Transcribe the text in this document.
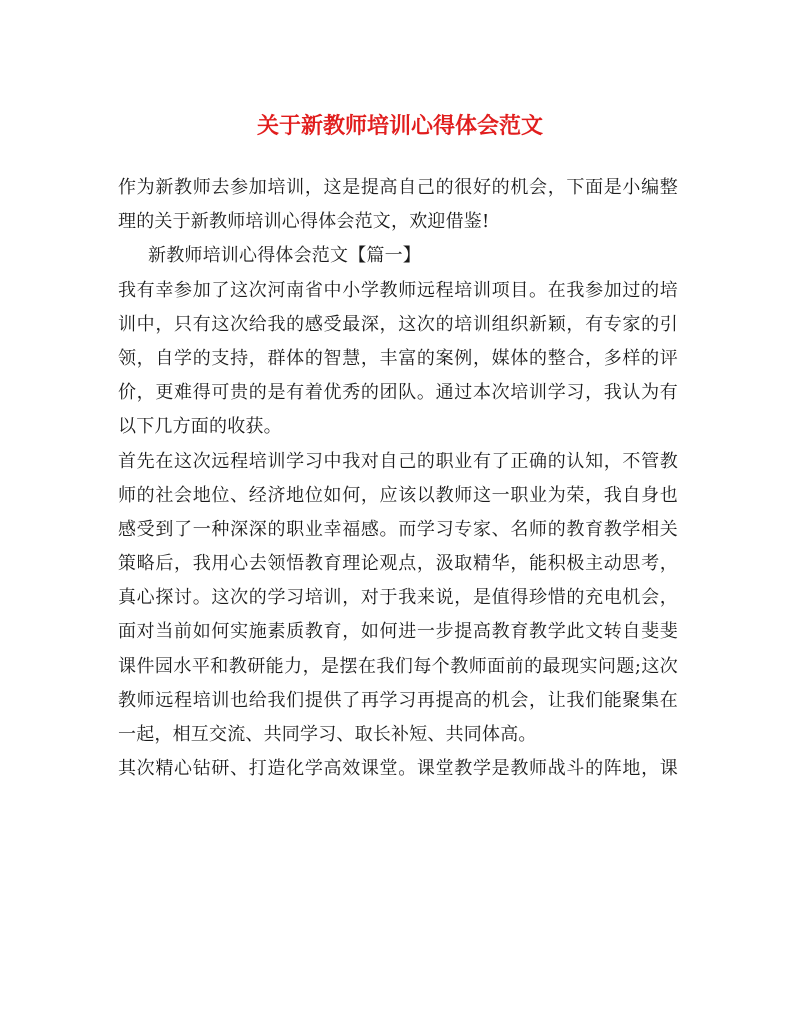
关于新教师培训心得体会范文
作为新教师去参加培训，这是提高自己的很好的机会，下面是小编整
理的关于新教师培训心得体会范文，欢迎借鉴!
新教师培训心得体会范文【篇一】
我有幸参加了这次河南省中小学教师远程培训项目。在我参加过的培
训中，只有这次给我的感受最深，这次的培训组织新颖，有专家的引
领，自学的支持，群体的智慧，丰富的案例，媒体的整合，多样的评
价，更难得可贵的是有着优秀的团队。通过本次培训学习，我认为有
以下几方面的收获。
首先在这次远程培训学习中我对自己的职业有了正确的认知，不管教
师的社会地位、经济地位如何，应该以教师这一职业为荣，我自身也
感受到了一种深深的职业幸福感。而学习专家、名师的教育教学相关
策略后，我用心去领悟教育理论观点，汲取精华，能积极主动思考，
真心探讨。这次的学习培训，对于我来说，是值得珍惜的充电机会，
面对当前如何实施素质教育，如何进一步提高教育教学此文转自斐斐
课件园水平和教研能力，是摆在我们每个教师面前的最现实问题;这次
教师远程培训也给我们提供了再学习再提高的机会，让我们能聚集在
一起，相互交流、共同学习、取长补短、共同体高。
其次精心钻研、打造化学高效课堂。课堂教学是教师战斗的阵地，课
